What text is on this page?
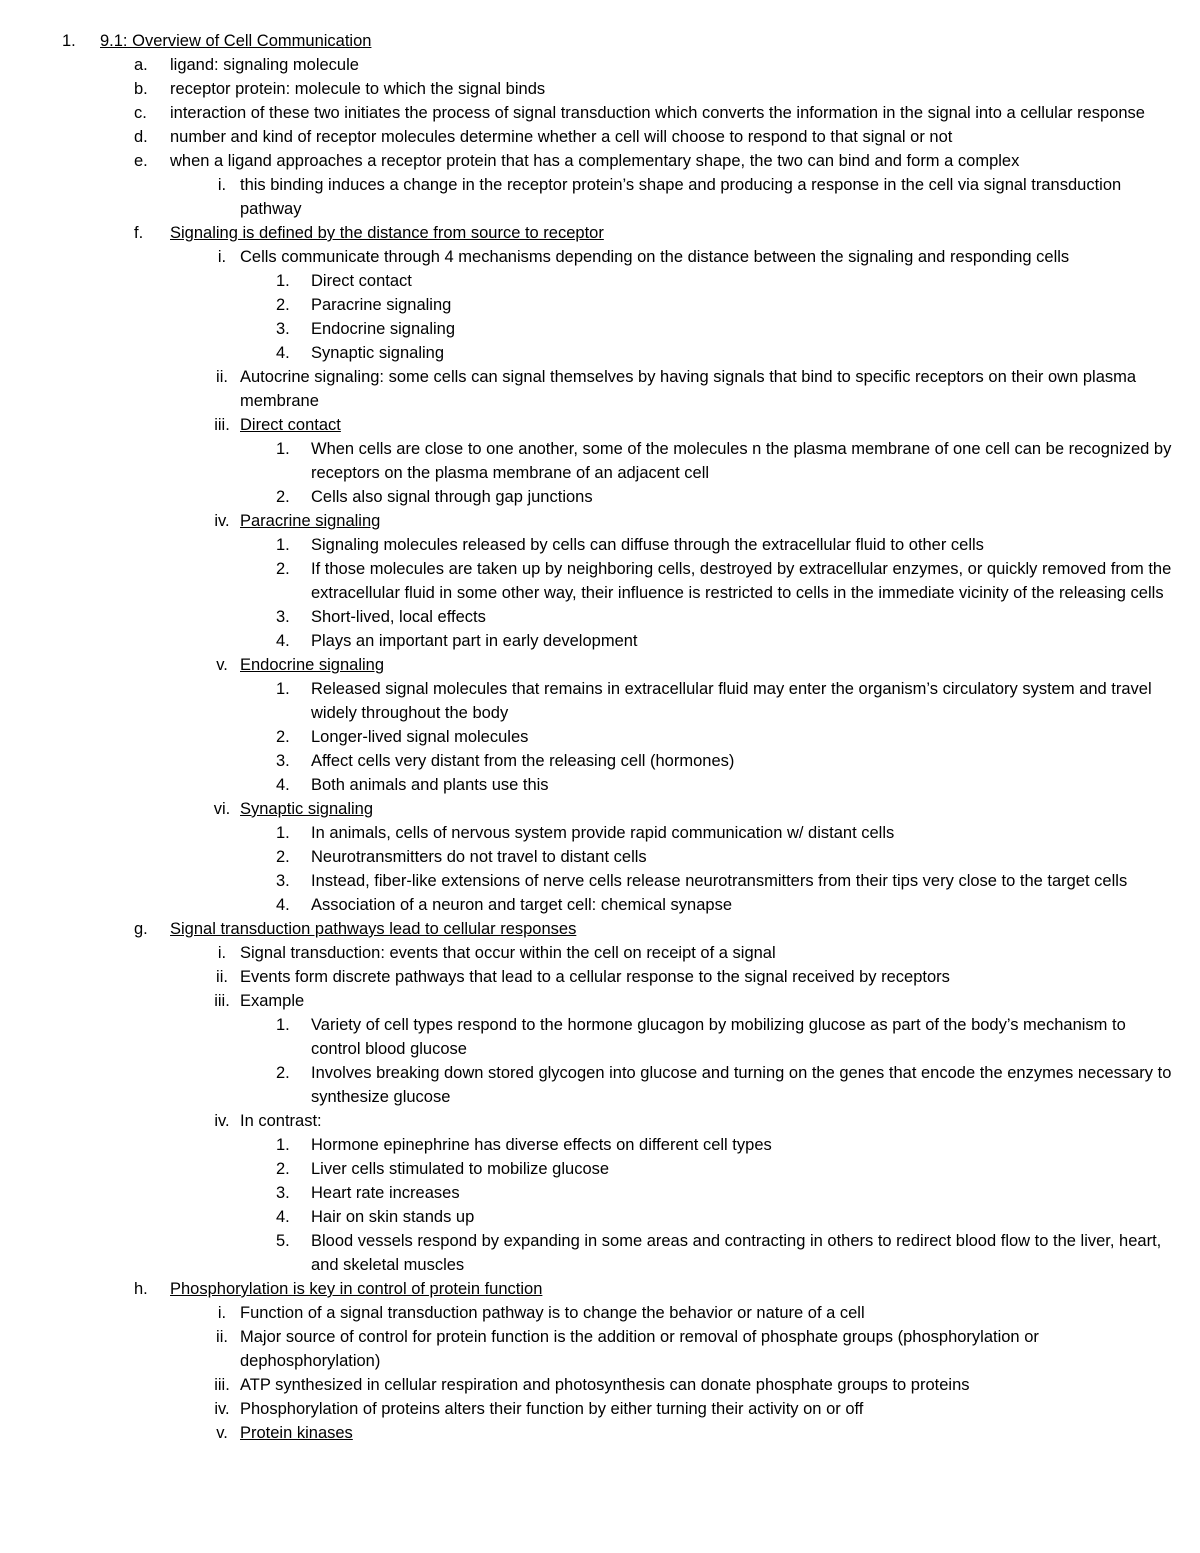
1.	9.1: Overview of Cell Communication
a.	ligand: signaling molecule
b.	receptor protein: molecule to which the signal binds
c.	interaction of these two initiates the process of signal transduction which converts the information in the signal into a cellular response
d.	number and kind of receptor molecules determine whether a cell will choose to respond to that signal or not
e.	when a ligand approaches a receptor protein that has a complementary shape, the two can bind and form a complex
i. this binding induces a change in the receptor protein’s shape and producing a response in the cell via signal transduction pathway
f.	Signaling is defined by the distance from source to receptor
i. Cells communicate through 4 mechanisms depending on the distance between the signaling and responding cells
1.	Direct contact
2.	Paracrine signaling
3.	Endocrine signaling
4.	Synaptic signaling
ii. Autocrine signaling: some cells can signal themselves by having signals that bind to specific receptors on their own plasma membrane
iii. Direct contact
1.	When cells are close to one another, some of the molecules n the plasma membrane of one cell can be recognized by receptors on the plasma membrane of an adjacent cell
2.	Cells also signal through gap junctions
iv. Paracrine signaling
1.	Signaling molecules released by cells can diffuse through the extracellular fluid to other cells
2.	If those molecules are taken up by neighboring cells, destroyed by extracellular enzymes, or quickly removed from the extracellular fluid in some other way, their influence is restricted to cells in the immediate vicinity of the releasing cells
3.	Short-lived, local effects
4.	Plays an important part in early development
v. Endocrine signaling
1.	Released signal molecules that remains in extracellular fluid may enter the organism’s circulatory system and travel widely throughout the body
2.	Longer-lived signal molecules
3.	Affect cells very distant from the releasing cell (hormones)
4.	Both animals and plants use this
vi. Synaptic signaling
1.	In animals, cells of nervous system provide rapid communication w/ distant cells
2.	Neurotransmitters do not travel to distant cells
3.	Instead, fiber-like extensions of nerve cells release neurotransmitters from their tips very close to the target cells
4.	Association of a neuron and target cell: chemical synapse
g.	Signal transduction pathways lead to cellular responses
i. Signal transduction: events that occur within the cell on receipt of a signal
ii. Events form discrete pathways that lead to a cellular response to the signal received by receptors
iii. Example
1.	Variety of cell types respond to the hormone glucagon by mobilizing glucose as part of the body’s mechanism to control blood glucose
2.	Involves breaking down stored glycogen into glucose and turning on the genes that encode the enzymes necessary to synthesize glucose
iv. In contrast:
1.	Hormone epinephrine has diverse effects on different cell types
2.	Liver cells stimulated to mobilize glucose
3.	Heart rate increases
4.	Hair on skin stands up
5.	Blood vessels respond by expanding in some areas and contracting in others to redirect blood flow to the liver, heart, and skeletal muscles
h.	Phosphorylation is key in control of protein function
i. Function of a signal transduction pathway is to change the behavior or nature of a cell
ii. Major source of control for protein function is the addition or removal of phosphate groups (phosphorylation or dephosphorylation)
iii. ATP synthesized in cellular respiration and photosynthesis can donate phosphate groups to proteins
iv. Phosphorylation of proteins alters their function by either turning their activity on or off
v. Protein kinases
